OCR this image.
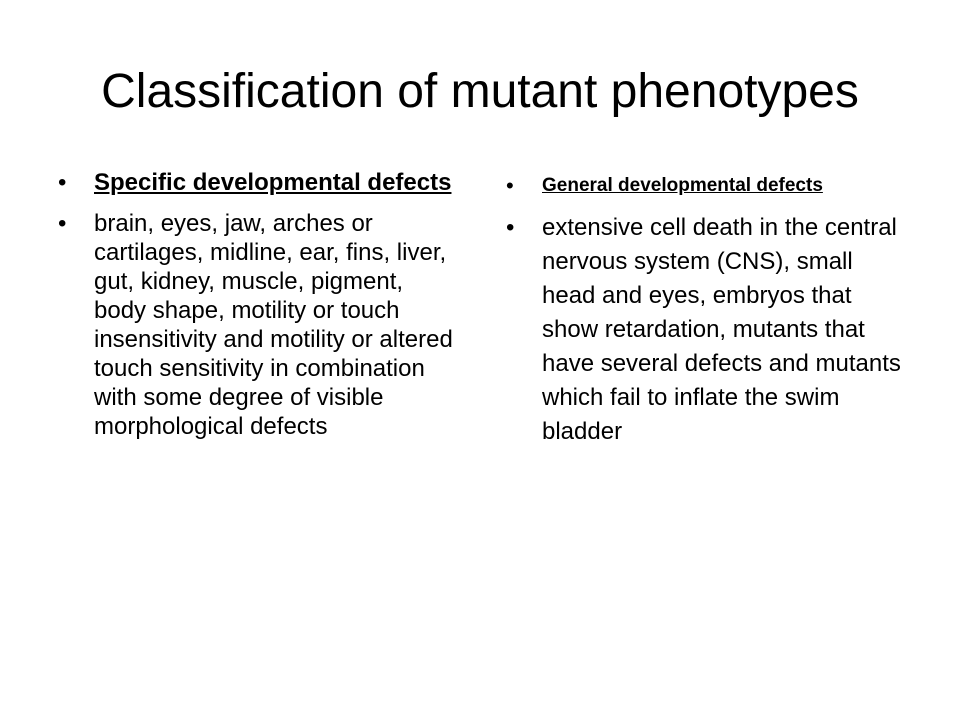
Classification of mutant phenotypes
• Specific developmental defects
• brain, eyes, jaw, arches or cartilages, midline, ear, fins, liver, gut, kidney, muscle, pigment, body shape, motility or touch insensitivity and motility or altered touch sensitivity in combination with some degree of visible morphological defects
• General developmental defects
• extensive cell death in the central nervous system (CNS), small head and eyes, embryos that show retardation, mutants that have several defects and mutants which fail to inflate the swim bladder
